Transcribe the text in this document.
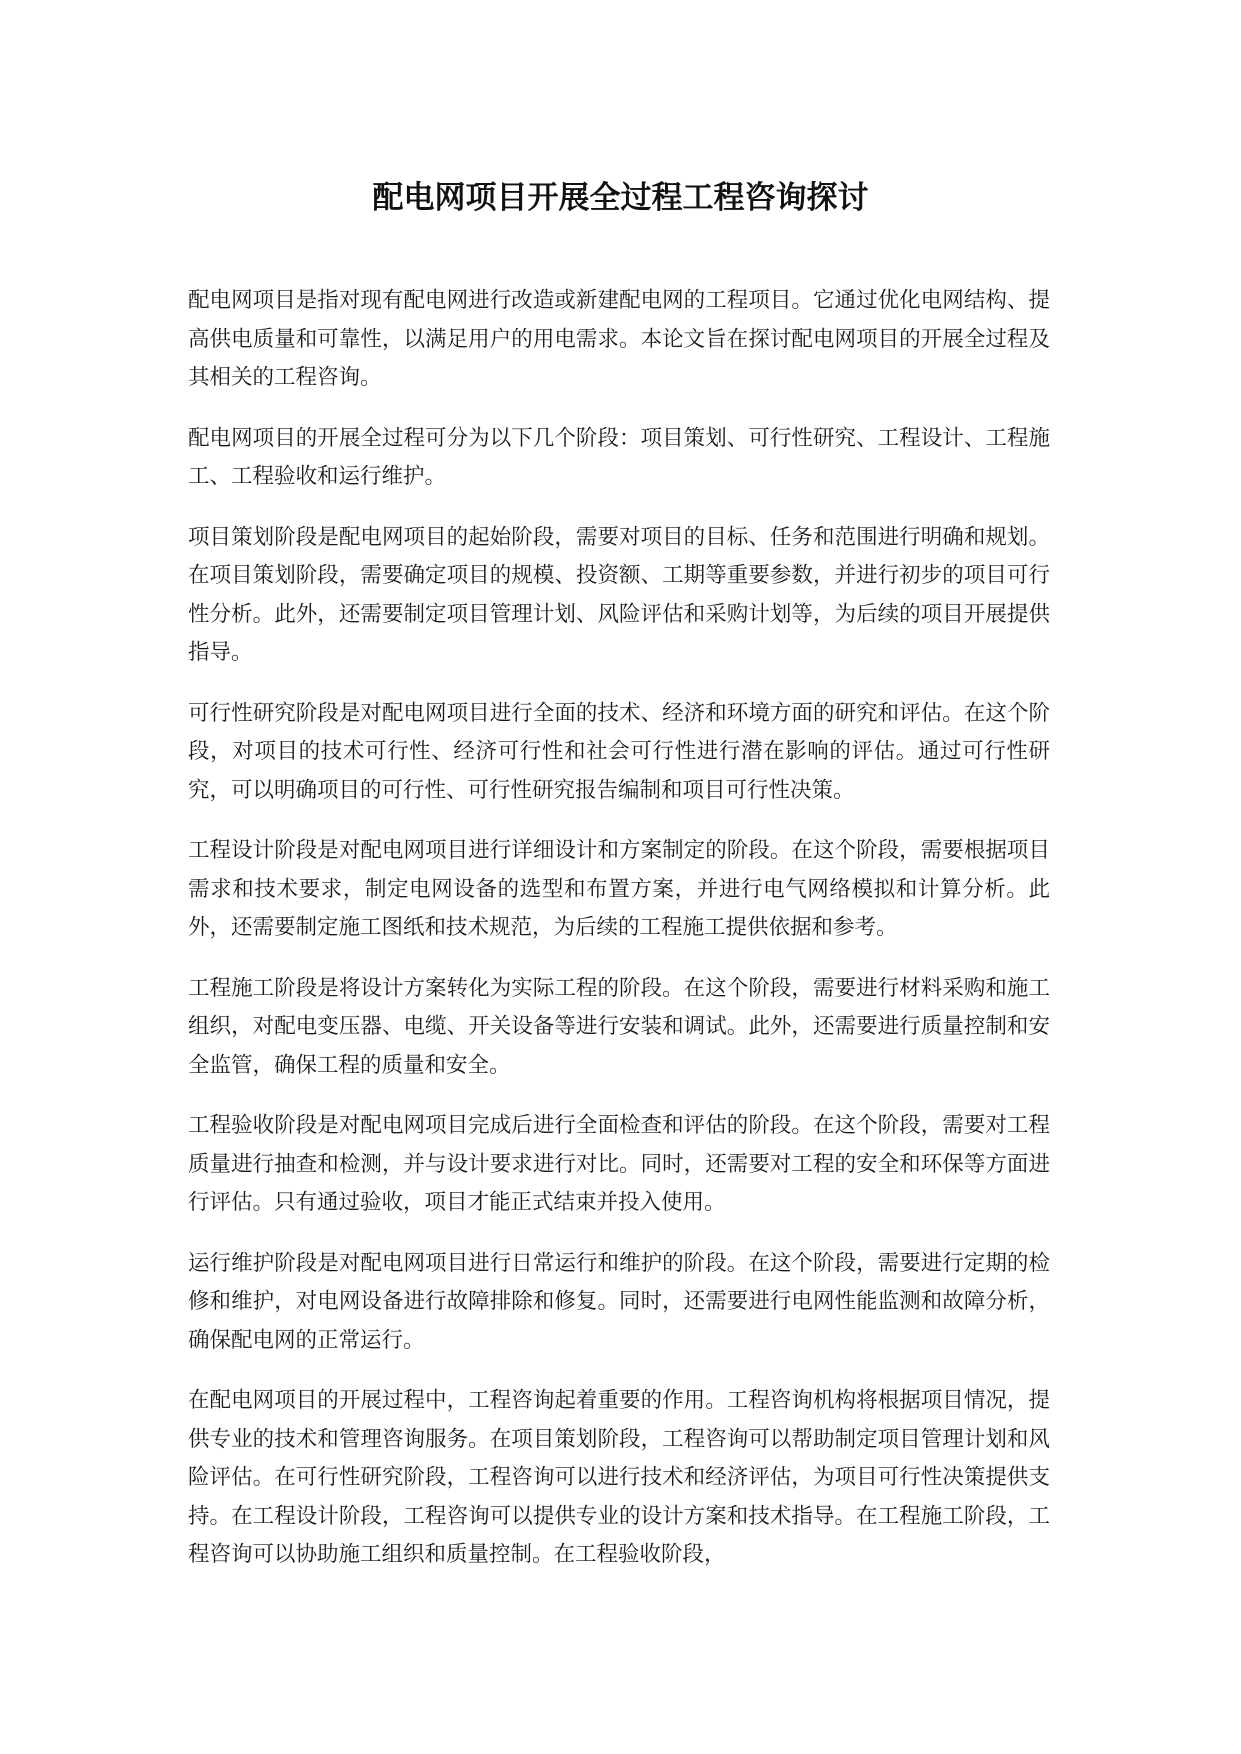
配电网项目开展全过程工程咨询探讨

配电网项目是指对现有配电网进行改造或新建配电网的工程项目。它通过优化电网结构、提高供电质量和可靠性，以满足用户的用电需求。本论文旨在探讨配电网项目的开展全过程及其相关的工程咨询。

配电网项目的开展全过程可分为以下几个阶段：项目策划、可行性研究、工程设计、工程施工、工程验收和运行维护。

项目策划阶段是配电网项目的起始阶段，需要对项目的目标、任务和范围进行明确和规划。在项目策划阶段，需要确定项目的规模、投资额、工期等重要参数，并进行初步的项目可行性分析。此外，还需要制定项目管理计划、风险评估和采购计划等，为后续的项目开展提供指导。

可行性研究阶段是对配电网项目进行全面的技术、经济和环境方面的研究和评估。在这个阶段，对项目的技术可行性、经济可行性和社会可行性进行潜在影响的评估。通过可行性研究，可以明确项目的可行性、可行性研究报告编制和项目可行性决策。

工程设计阶段是对配电网项目进行详细设计和方案制定的阶段。在这个阶段，需要根据项目需求和技术要求，制定电网设备的选型和布置方案，并进行电气网络模拟和计算分析。此外，还需要制定施工图纸和技术规范，为后续的工程施工提供依据和参考。

工程施工阶段是将设计方案转化为实际工程的阶段。在这个阶段，需要进行材料采购和施工组织，对配电变压器、电缆、开关设备等进行安装和调试。此外，还需要进行质量控制和安全监管，确保工程的质量和安全。

工程验收阶段是对配电网项目完成后进行全面检查和评估的阶段。在这个阶段，需要对工程质量进行抽查和检测，并与设计要求进行对比。同时，还需要对工程的安全和环保等方面进行评估。只有通过验收，项目才能正式结束并投入使用。

运行维护阶段是对配电网项目进行日常运行和维护的阶段。在这个阶段，需要进行定期的检修和维护，对电网设备进行故障排除和修复。同时，还需要进行电网性能监测和故障分析，确保配电网的正常运行。

在配电网项目的开展过程中，工程咨询起着重要的作用。工程咨询机构将根据项目情况，提供专业的技术和管理咨询服务。在项目策划阶段，工程咨询可以帮助制定项目管理计划和风险评估。在可行性研究阶段，工程咨询可以进行技术和经济评估，为项目可行性决策提供支持。在工程设计阶段，工程咨询可以提供专业的设计方案和技术指导。在工程施工阶段，工程咨询可以协助施工组织和质量控制。在工程验收阶段，
